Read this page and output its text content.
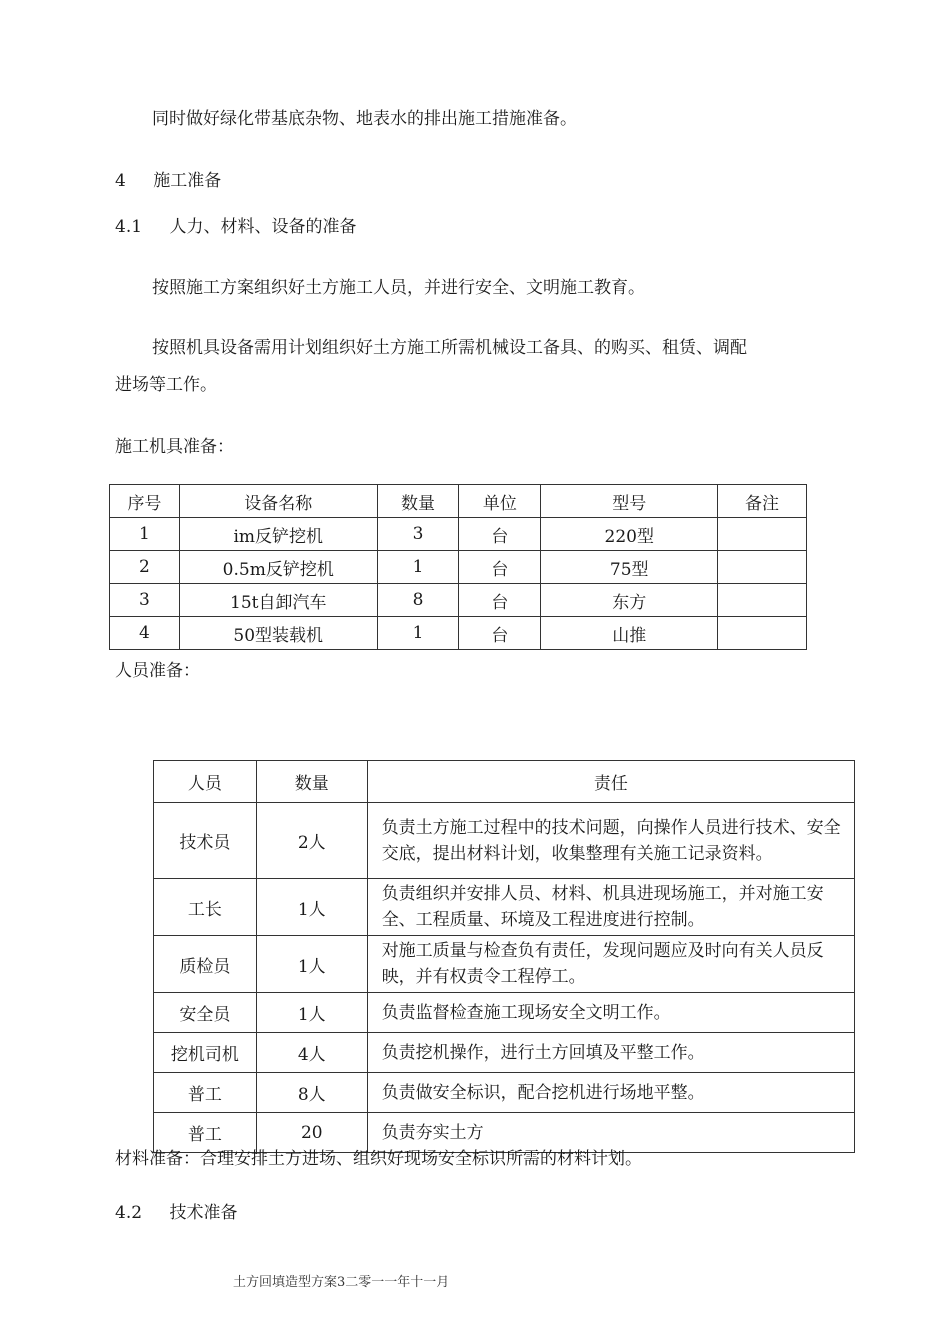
同时做好绿化带基底杂物、地表水的排出施工措施准备。
4 施工准备
4.1 人力、材料、设备的准备
按照施工方案组织好土方施工人员，并进行安全、文明施工教育。
按照机具设备需用计划组织好土方施工所需机械设工备具、的购买、租赁、调配
进场等工作。
施工机具准备：
序号	设备名称	数量	单位	型号	备注
1	im反铲挖机	3	台	220型	
2	0.5m反铲挖机	1	台	75型	
3	15t自卸汽车	8	台	东方	
4	50型装载机	1	台	山推	
人员准备：
人员	数量	责任
技术员	2人	负责土方施工过程中的技术问题，向操作人员进行技术、安全交底，提出材料计划，收集整理有关施工记录资料。
工长	1人	负责组织并安排人员、材料、机具进现场施工，并对施工安全、工程质量、环境及工程进度进行控制。
质检员	1人	对施工质量与检查负有责任，发现问题应及时向有关人员反映，并有权责令工程停工。
安全员	1人	负责监督检查施工现场安全文明工作。
挖机司机	4人	负责挖机操作，进行土方回填及平整工作。
普工	8人	负责做安全标识，配合挖机进行场地平整。
普工	20	负责夯实土方
材料准备：合理安排土方进场、组织好现场安全标识所需的材料计划。
4.2 技术准备
土方回填造型方案3二零一一年十一月
